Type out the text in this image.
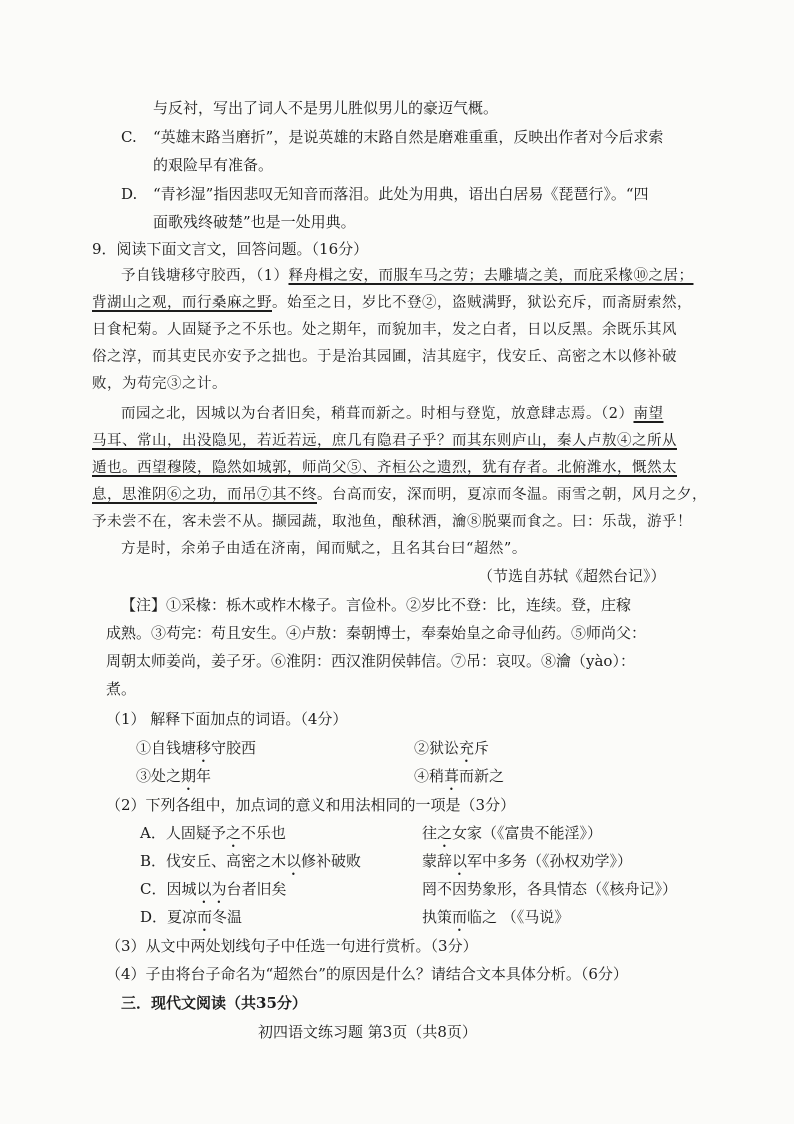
与反衬，写出了词人不是男儿胜似男儿的豪迈气概。
C. “英雄末路当磨折”，是说英雄的末路自然是磨难重重，反映出作者对今后求索
的艰险早有准备。
D. “青衫湿”指因悲叹无知音而落泪。此处为用典，语出白居易《琵琶行》。“四
面歌残终破楚”也是一处用典。
9．阅读下面文言文，回答问题。（16分）
予自钱塘移守胶西，（1）释舟楫之安，而服车马之劳；去雕墙之美，而庇采椽⑩之居；
背湖山之观，而行桑麻之野。始至之日，岁比不登②，盗贼满野，狱讼充斥，而斋厨索然，
日食杞菊。人固疑予之不乐也。处之期年，而貌加丰，发之白者，日以反黑。余既乐其风
俗之淳，而其吏民亦安予之拙也。于是治其园圃，洁其庭宇，伐安丘、高密之木以修补破
败，为苟完③之计。
而园之北，因城以为台者旧矣，稍葺而新之。时相与登览，放意肆志焉。（2）南望
马耳、常山，出没隐见，若近若远，庶几有隐君子乎？而其东则庐山，秦人卢敖④之所从
遁也。西望穆陵，隐然如城郭，师尚父⑤、齐桓公之遗烈，犹有存者。北俯潍水，慨然太
息，思淮阴⑥之功，而吊⑦其不终。台高而安，深而明，夏凉而冬温。雨雪之朝，风月之夕，
予未尝不在，客未尝不从。撷园蔬，取池鱼，酿秫酒，瀹⑧脱粟而食之。曰：乐哉，游乎！
方是时，余弟子由适在济南，闻而赋之，且名其台曰“超然”。
（节选自苏轼《超然台记》）
【注】①采椽：栎木或柞木椽子。言俭朴。②岁比不登：比，连续。登，庄稼
成熟。③苟完：苟且安生。④卢敖：秦朝博士，奉秦始皇之命寻仙药。⑤师尚父：
周朝太师姜尚，姜子牙。⑥淮阴：西汉淮阴侯韩信。⑦吊：哀叹。⑧瀹（yào）：
煮。
（1） 解释下面加点的词语。（4分）
①自钱塘移守胶西	②狱讼充斥
③处之期年	④稍葺而新之
（2）下列各组中，加点词的意义和用法相同的一项是（3分）
A．人固疑予之不乐也	往之女家（《富贵不能淫》）
B．伐安丘、高密之木以修补破败	蒙辞以军中多务（《孙权劝学》）
C．因城以为台者旧矣	罔不因势象形，各具情态（《核舟记》）
D．夏凉而冬温	执策而临之 （《马说》
（3）从文中两处划线句子中任选一句进行赏析。（3分）
（4）子由将台子命名为“超然台”的原因是什么？请结合文本具体分析。（6分）
三．现代文阅读（共35分）
初四语文练习题 第3页（共8页）
